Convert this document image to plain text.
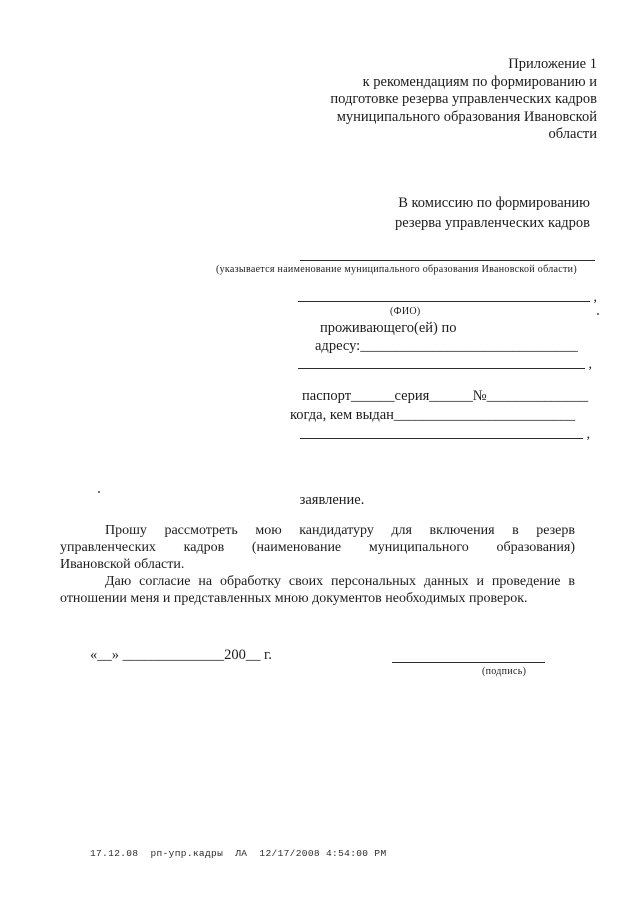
Приложение 1
к рекомендациям по формированию и
подготовке резерва управленческих кадров
муниципального образования Ивановской
области
В комиссию по формированию
резерва управленческих кадров
(указывается наименование муниципального образования Ивановской области)
,
(ФИО)
проживающего(ей) по
адресу:______________________________
,
паспорт______серия______№______________
когда, кем выдан_________________________
,
заявление.
Прошу рассмотреть мою кандидатуру для включения в резерв
управленческих кадров (наименование муниципального образования)
Ивановской области.
Даю согласие на обработку своих персональных данных и проведение в
отношении меня и представленных мною документов необходимых проверок.
«__» ______________200__ г.
(подпись)
17.12.08  рп-упр.кадры  ЛА  12/17/2008 4:54:00 PM
